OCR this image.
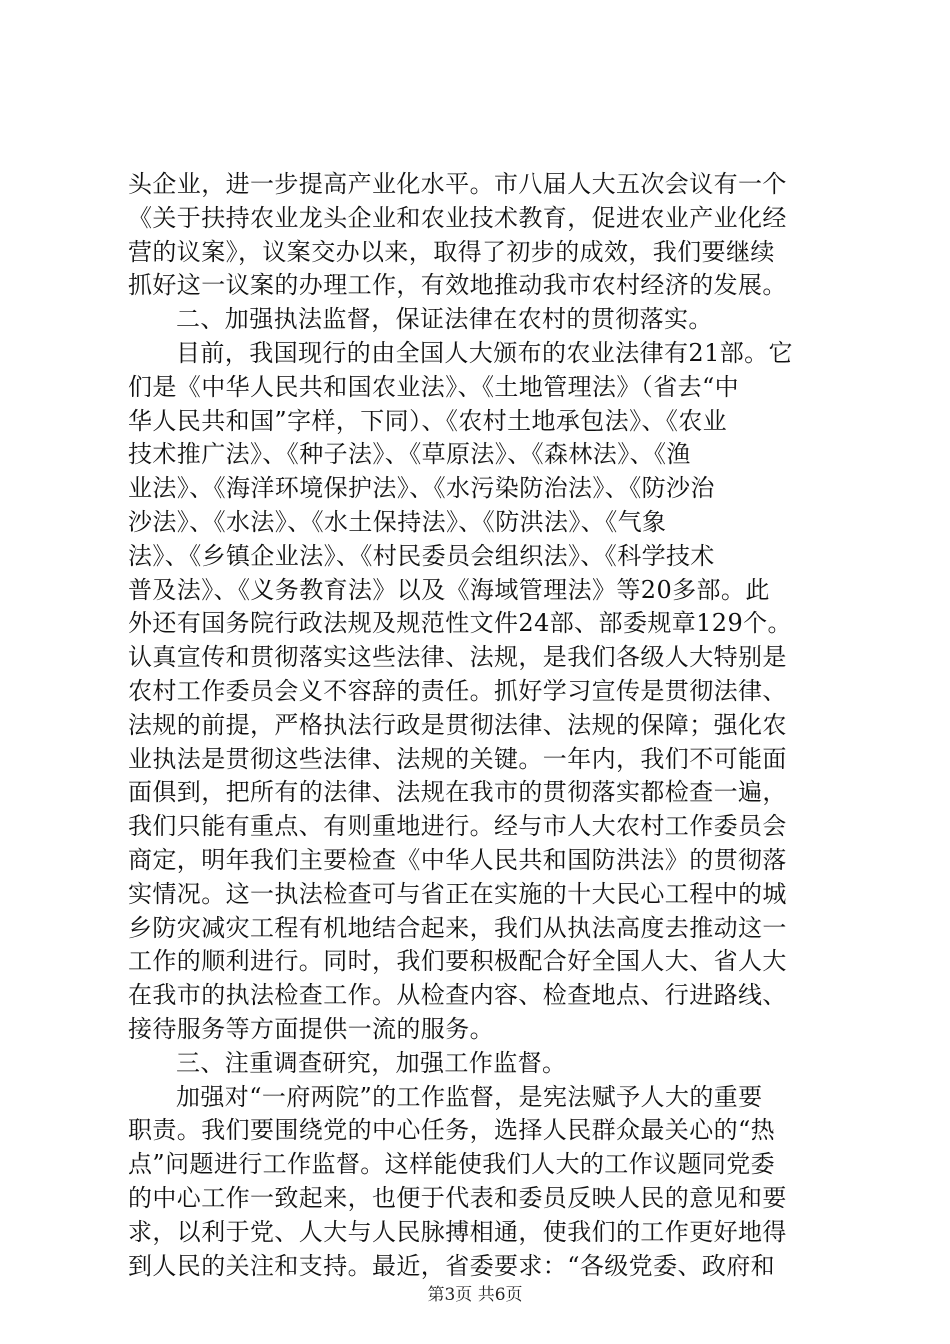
头企业，进一步提高产业化水平。市八届人大五次会议有一个
《关于扶持农业龙头企业和农业技术教育，促进农业产业化经
营的议案》，议案交办以来，取得了初步的成效，我们要继续
抓好这一议案的办理工作，有效地推动我市农村经济的发展。
二、加强执法监督，保证法律在农村的贯彻落实。
目前，我国现行的由全国人大颁布的农业法律有21部。它
们是《中华人民共和国农业法》、《土地管理法》（省去“中
华人民共和国”字样，下同）、《农村土地承包法》、《农业
技术推广法》、《种子法》、《草原法》、《森林法》、《渔
业法》、《海洋环境保护法》、《水污染防治法》、《防沙治
沙法》、《水法》、《水土保持法》、《防洪法》、《气象
法》、《乡镇企业法》、《村民委员会组织法》、《科学技术
普及法》、《义务教育法》以及《海域管理法》等20多部。此
外还有国务院行政法规及规范性文件24部、部委规章129个。
认真宣传和贯彻落实这些法律、法规，是我们各级人大特别是
农村工作委员会义不容辞的责任。抓好学习宣传是贯彻法律、
法规的前提，严格执法行政是贯彻法律、法规的保障；强化农
业执法是贯彻这些法律、法规的关键。一年内，我们不可能面
面俱到，把所有的法律、法规在我市的贯彻落实都检查一遍，
我们只能有重点、有则重地进行。经与市人大农村工作委员会
商定，明年我们主要检查《中华人民共和国防洪法》的贯彻落
实情况。这一执法检查可与省正在实施的十大民心工程中的城
乡防灾减灾工程有机地结合起来，我们从执法高度去推动这一
工作的顺利进行。同时，我们要积极配合好全国人大、省人大
在我市的执法检查工作。从检查内容、检查地点、行进路线、
接待服务等方面提供一流的服务。
三、注重调查研究，加强工作监督。
加强对“一府两院”的工作监督，是宪法赋予人大的重要
职责。我们要围绕党的中心任务，选择人民群众最关心的“热
点”问题进行工作监督。这样能使我们人大的工作议题同党委
的中心工作一致起来，也便于代表和委员反映人民的意见和要
求，以利于党、人大与人民脉搏相通，使我们的工作更好地得
到人民的关注和支持。最近，省委要求：“各级党委、政府和
第3页 共6页
